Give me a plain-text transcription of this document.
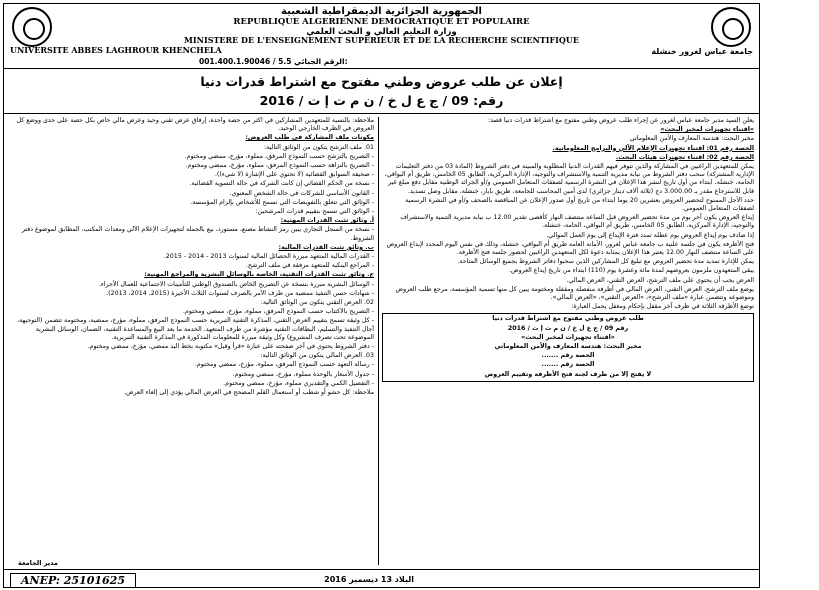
الجمهورية الجزائرية الديمقراطية الشعبية
REPUBLIQUE ALGERIENNE DEMOCRATIQUE ET POPULAIRE
وزارة التعليم العالي و البحث العلمي
MINISTERE DE L'ENSEIGNEMENT SUPERIEUR ET DE LA RECHERCHE SCIENTIFIQUE
UNIVERSITE ABBES LAGHROUR KHENCHELA	جامعة عباس لغرور خنشلة
001.400.1.90046 / 5.5 الرقم الجبائي:
إعلان عن طلب عروض وطني مفتوح مع اشتراط قدرات دنيا
رقم: 09 / ج ع ل خ / ن م ت إ ت / 2016

يعلن السيد مدير جامعة عباس لغرور عن إجراء طلب عروض وطني مفتوح مع اشتراط قدرات دنيا قصد:

«اقتناء تجهيزات لمخبر البحث»

مخبر البحث: هندسة المعارف والأمن المعلوماتي

الحصة رقم 01: اقتناء تجهيزات الإعلام الآلي والبرامج المعلوماتية.

الحصة رقم 02: اقتناء تجهيزات هيئات البحث.

يمكن للمتعهدين الراغبين في المشاركة والذين تتوفر فيهم القدرات الدنيا المطلوبة والمبينة في دفتر الشروط (المادة 03 من دفتر التعليمات الإدارية المشتركة) سحب دفتر الشروط من نيابة مديرية التنمية والاستشراف والتوجيه، الإدارة المركزية، الطابق 05 الخامس، طريق أم البواقي، الحامة، خنشلة، ابتداء من أول تاريخ لنشر هذا الإعلان في النشرة الرسمية لصفقات المتعامل العمومي و/أو الجرائد الوطنية مقابل دفع مبلغ غير قابل للاسترجاع مقدر بـ 3.000.00 دج (ثلاثة آلاف دينار جزائري) لدى أمين المحاسب للجامعة، طريق بابار، خنشلة، مقابل وصل تسديد.

حدد الأجل الممنوح لتحضير العروض بعشرين 20 يوما ابتداء من تاريخ أول صدور الإعلان عن المناقصة بالصحف و/أو في النشرة الرسمية لصفقات المتعامل العمومي.

إيداع العروض يكون آخر يوم من مدة تحضير العروض قبل الساعة منتصف النهار كأقصى تقدير 12.00 ب نيابة مديرية التنمية والاستشراف والتوجيه، الإدارة المركزية، الطابق 05 الخامس، طريق أم البواقي، الحامة، خنشلة.

إذا صادف يوم إيداع العروض يوم عطلة تمدد فترة الإيداع إلى يوم العمل الموالي.

فتح الأظرفة يكون في جلسة علنية ب جامعة عباس لغرور، الأمانة العامة طريق أم البواقي، خنشلة، وذلك في نفس اليوم المحدد لإيداع العروض على الساعة منتصف النهار 12.00 يعتبر هذا الإعلان بمثابة دعوة لكل المتعهدين الراغبين لحضور جلسة فتح الأظرفة.

يمكن للإدارة تمديد مدة تحضير العروض مع تبليغ كل المشاركين الذين سحبوا دفاتر الشروط بجميع الوسائل المتاحة.

يبقى المتعهدون ملزمون بعروضهم لمدة مائة وعشرة يوم (110) ابتداء من تاريخ إيداع العروض.

العرض يجب أن يحتوي على ملف الترشح، العرض التقني، العرض المالي.

يوضع ملف الترشح، العرض التقني، العرض المالي في أظرفة منفصلة ومقفلة ومختومة يبين كل منها تسمية المؤسسة، مرجع طلب العروض وموضوعه وتتضمن عبارة «ملف الترشح»، «العرض التقني»، «العرض المالي».

توضع الأظرفة الثلاثة في ظرف آخر مقفل بإحكام ومغفل يحمل العبارة:

طلب عروض وطني مفتوح مع اشتراط قدرات دنيا

رقم 09 / ج ع ل خ / ن م ت إ ت / 2016

«اقتناء تجهيزات لمخبر البحث»

مخبر البحث: هندسة المعارف والأمن المعلوماتي

الحصة رقم .......

الحصة رقم .......

لا يفتح إلا من طرف لجنة فتح الأظرفة وتقييم العروض

ملاحظة: بالنسبة للمتعهدين المشاركين في أكثر من حصة واحدة، إرفاق عرض تقني وحيد وعرض مالي خاص بكل حصة على حدى ووضع كل العروض في الظرف الخارجي الوحيد.

مكونات ملف المشاركة في طلب العروض:

01. ملف الترشح يتكون من الوثائق التالية:

- التصريح بالترشح حسب النموذج المرفق، مملوء، مؤرخ، ممضي ومختوم.

- التصريح بالنزاهة حسب النموذج المرفق، مملوء، مؤرخ، ممضي ومختوم.

- صحيفة السوابق القضائية (لا تحتوي على الإشارة (لا شيء)).

- نسخة من الحكم القضائي إن كانت الشركة في حالة التسوية القضائية.

- القانون الأساسي للشركات في حالة الشخص المعنوي.

- الوثائق التي تتعلق بالتفويضات التي تسمح للأشخاص بإلزام المؤسسة.

- الوثائق التي تسمح بتقييم قدرات المرشحين:

أ. وثائق تثبت القدرات المهنية:

- نسخة من السجل التجاري يبين رمز النشاط مصنع، مستورد، بيع بالجملة لتجهيزات الإعلام الآلي ومعدات المكتب، المطابق لموضوع دفتر الشروط.

ب. وثائق تثبت القدرات المالية:

- القدرات المالية المتعهد مبررة الحصائل المالية لسنوات 2013 - 2014 - 2015.

- المراجع البنكية للمتعهد مرفقة في ملف الترشح.

ج. وثائق تثبت القدرات التقنية، الخاصة بالوسائل البشرية والمراجع المهنية:

- الوسائل البشرية مبررة بنسخة عن التصريح الخاص بالصندوق الوطني للتأمينات الاجتماعية للعمال الأجراء.

- شهادات حسن التنفيذ ممضية من طرف الآمر بالصرف لسنوات الثلاث الأخيرة (2015، 2014، 2013).

02. العرض التقني يتكون من الوثائق التالية:

- التصريح بالاكتتاب حسب النموذج المرفق، مملوء، مؤرخ، ممضي ومختوم.

- كل وثيقة تسمح بتقييم العرض التقني، المذكرة التقنية التبريرية حسب النموذج المرفق، مملوء، مؤرخ، ممضية، ومختومة تتضمن (التوجيهة، آجال التنفيذ والتسليم، البطاقات التقنية مؤشرة من طرف المتعهد، الخدمة ما بعد البيع والمساعدة التقنية، الضمان، الوسائل البشرية الموضوعة تحت تصرف المشروع) وكل وثيقة مبررة للمعلومات المذكورة في المذكرة التقنية التبريرية.

- دفتر الشروط يحتوي في آخر صفحته على عبارة «قرأ وقبل» مكتوبة بخط اليد ممضي، مؤرخ، ممضي ومختوم.

03. العرض المالي يتكون من الوثائق التالية:

- رسالة التعهد حسب النموذج المرفق، مملوء، مؤرخ، ممضي ومختوم.

- جدول الأسعار بالوحدة مملوء، مؤرخ، ممضي ومختوم.

- التفصيل الكمي والتقديري مملوء، مؤرخ، ممضي ومختوم.

ملاحظة: كل حشو أو شطب أو استعمال القلم المصحح في العرض المالي يؤدي إلى إلغاء العرض.

مدير الجامعة
ANEP: 25101625	البلاد 13 ديسمبر 2016
